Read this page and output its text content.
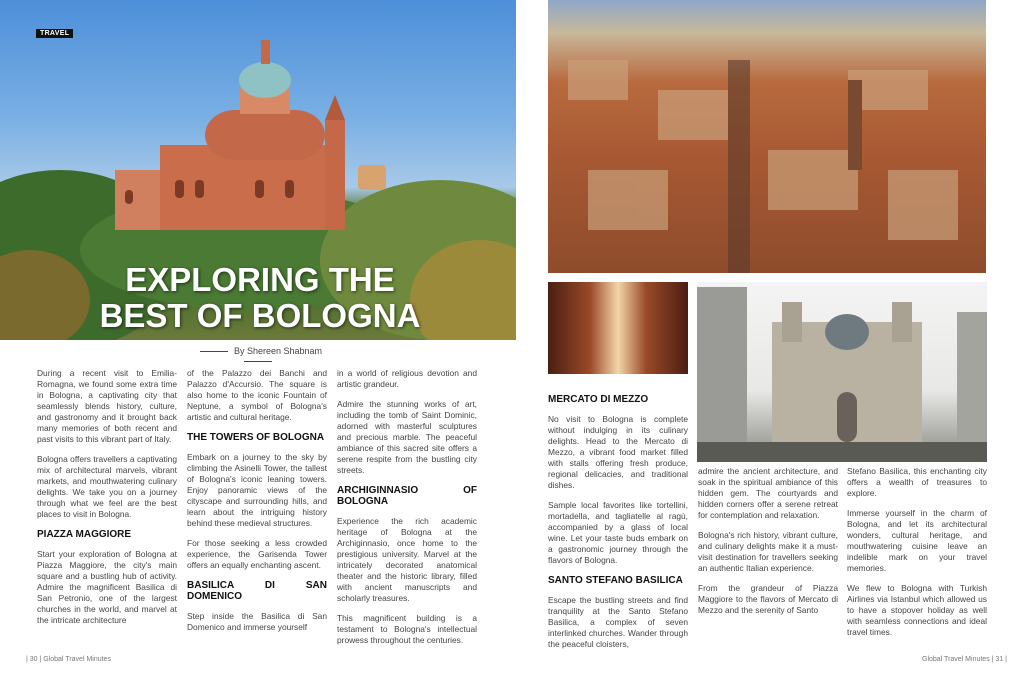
TRAVEL
EXPLORING THE
BEST OF BOLOGNA
By Shereen Shabnam

During a recent visit to Emilia-Romagna, we found some extra time in Bologna, a captivating city that seamlessly blends history, culture, and gastronomy and it brought back many memories of both recent and past visits to this vibrant part of Italy.

Bologna offers travellers a captivating mix of architectural marvels, vibrant markets, and mouthwatering culinary delights. We take you on a journey through what we feel are the best places to visit in Bologna.

PIAZZA MAGGIORE

Start your exploration of Bologna at Piazza Maggiore, the city's main square and a bustling hub of activity. Admire the magnificent Basilica di San Petronio, one of the largest churches in the world, and marvel at the intricate architecture

of the Palazzo dei Banchi and Palazzo d'Accursio. The square is also home to the iconic Fountain of Neptune, a symbol of Bologna's artistic and cultural heritage.

THE TOWERS OF BOLOGNA

Embark on a journey to the sky by climbing the Asinelli Tower, the tallest of Bologna's iconic leaning towers. Enjoy panoramic views of the cityscape and surrounding hills, and learn about the intriguing history behind these medieval structures.

For those seeking a less crowded experience, the Garisenda Tower offers an equally enchanting ascent.

BASILICA DI SAN DOMENICO

Step inside the Basilica di San Domenico and immerse yourself

in a world of religious devotion and artistic grandeur.

Admire the stunning works of art, including the tomb of Saint Dominic, adorned with masterful sculptures and precious marble. The peaceful ambiance of this sacred site offers a serene respite from the bustling city streets.

ARCHIGINNASIO OF BOLOGNA

Experience the rich academic heritage of Bologna at the Archiginnasio, once home to the prestigious university. Marvel at the intricately decorated anatomical theater and the historic library, filled with ancient manuscripts and scholarly treasures.

This magnificent building is a testament to Bologna's intellectual prowess throughout the centuries.

| 30 | Global Travel Minutes
MERCATO DI MEZZO

No visit to Bologna is complete without indulging in its culinary delights. Head to the Mercato di Mezzo, a vibrant food market filled with stalls offering fresh produce, regional delicacies, and traditional dishes.

Sample local favorites like tortellini, mortadella, and tagliatelle al ragù, accompanied by a glass of local wine. Let your taste buds embark on a gastronomic journey through the flavors of Bologna.

SANTO STEFANO BASILICA

Escape the bustling streets and find tranquility at the Santo Stefano Basilica, a complex of seven interlinked churches. Wander through the peaceful cloisters,

admire the ancient architecture, and soak in the spiritual ambiance of this hidden gem. The courtyards and hidden corners offer a serene retreat for contemplation and relaxation.

Bologna's rich history, vibrant culture, and culinary delights make it a must-visit destination for travellers seeking an authentic Italian experience.

From the grandeur of Piazza Maggiore to the flavors of Mercato di Mezzo and the serenity of Santo

Stefano Basilica, this enchanting city offers a wealth of treasures to explore.

Immerse yourself in the charm of Bologna, and let its architectural wonders, cultural heritage, and mouthwatering cuisine leave an indelible mark on your travel memories.

We flew to Bologna with Turkish Airlines via Istanbul which allowed us to have a stopover holiday as well with seamless connections and ideal travel times.

Global Travel Minutes | 31 |
